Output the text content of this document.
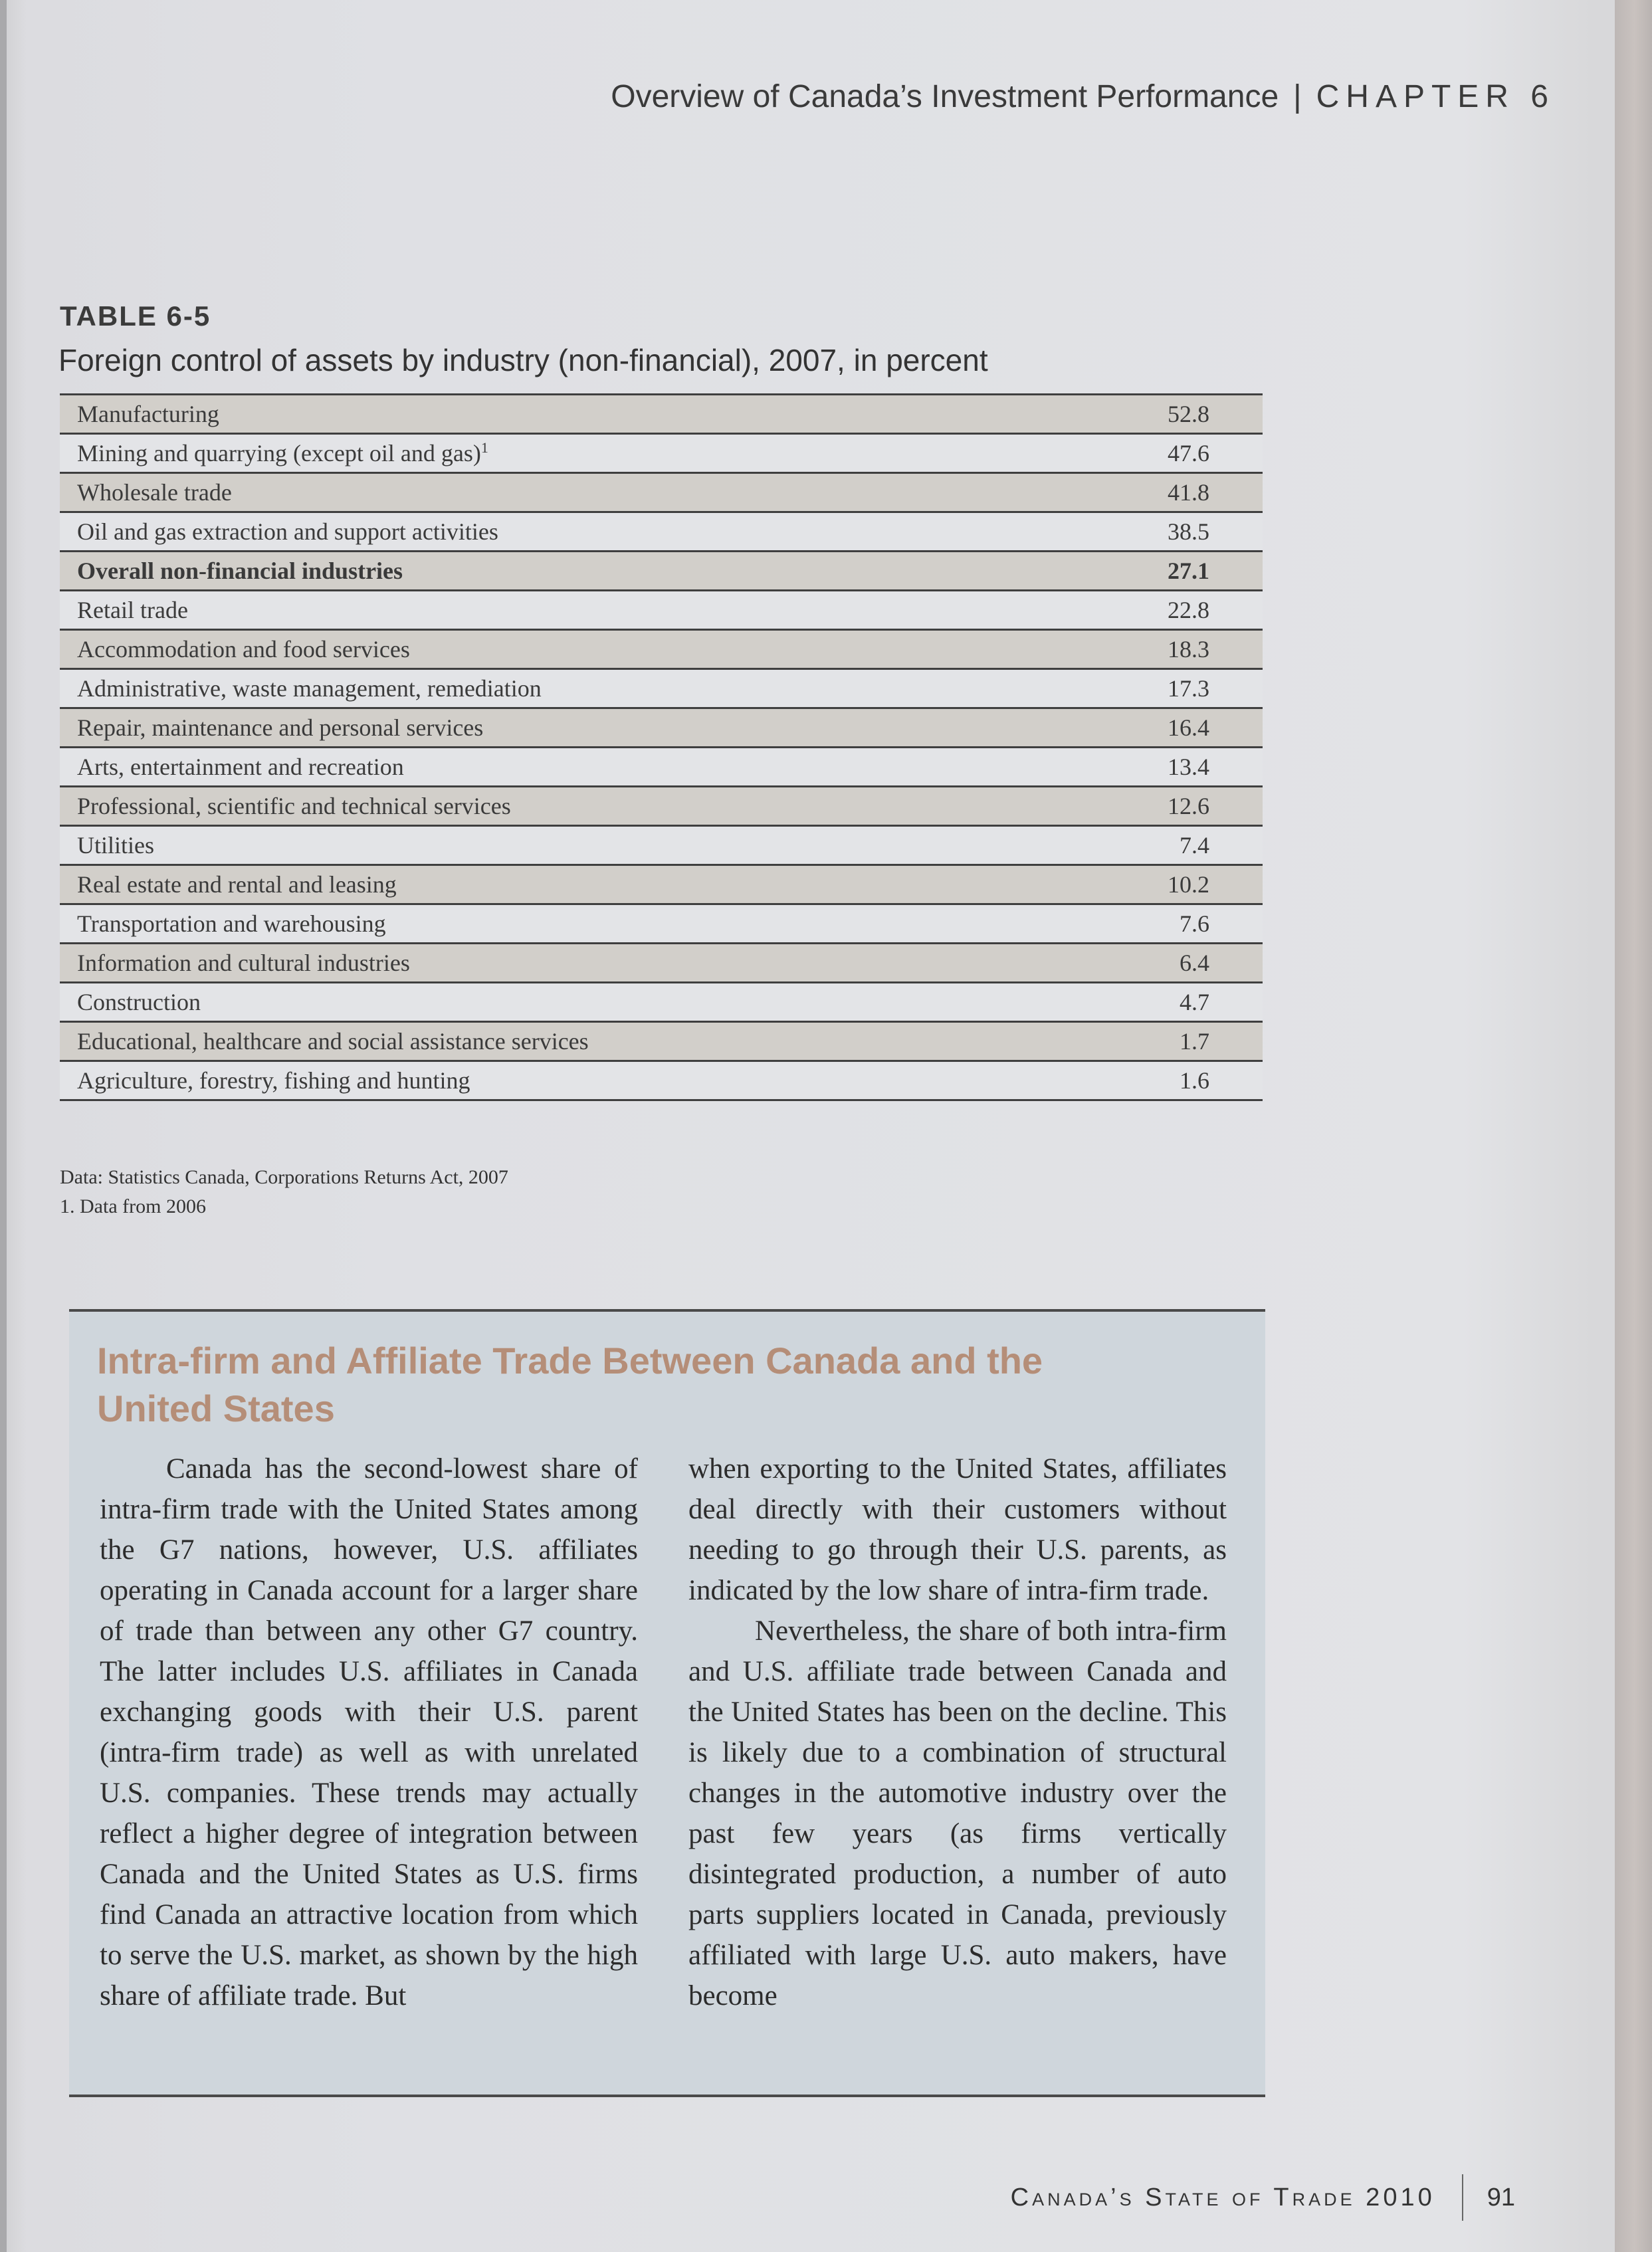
Overview of Canada’s Investment Performance | CHAPTER 6
TABLE 6-5
Foreign control of assets by industry (non-financial), 2007, in percent
Manufacturing	52.8
Mining and quarrying (except oil and gas)$^1$	47.6
Wholesale trade	41.8
Oil and gas extraction and support activities	38.5
Overall non-financial industries	27.1
Retail trade	22.8
Accommodation and food services	18.3
Administrative, waste management, remediation	17.3
Repair, maintenance and personal services	16.4
Arts, entertainment and recreation	13.4
Professional, scientific and technical services	12.6
Utilities	7.4
Real estate and rental and leasing	10.2
Transportation and warehousing	7.6
Information and cultural industries	6.4
Construction	4.7
Educational, healthcare and social assistance services	1.7
Agriculture, forestry, fishing and hunting	1.6
Data: Statistics Canada, Corporations Returns Act, 2007
1. Data from 2006
Intra-firm and Affiliate Trade Between Canada and the
United States

Canada has the second-lowest share of intra-firm trade with the United States among the G7 nations, however, U.S. affiliates operating in Canada account for a larger share of trade than between any other G7 country. The latter includes U.S. affiliates in Canada exchanging goods with their U.S. parent (intra-firm trade) as well as with unrelated U.S. companies. These trends may actually reflect a higher degree of integration between Canada and the United States as U.S. firms find Canada an attractive location from which to serve the U.S. market, as shown by the high share of affiliate trade. But

when exporting to the United States, affiliates deal directly with their customers without needing to go through their U.S. parents, as indicated by the low share of intra-firm trade.

Nevertheless, the share of both intra-firm and U.S. affiliate trade between Canada and the United States has been on the decline. This is likely due to a combination of structural changes in the automotive industry over the past few years (as firms vertically disintegrated production, a number of auto parts suppliers located in Canada, previously affiliated with large U.S. auto makers, have become

Canada’s State of Trade 2010 91
